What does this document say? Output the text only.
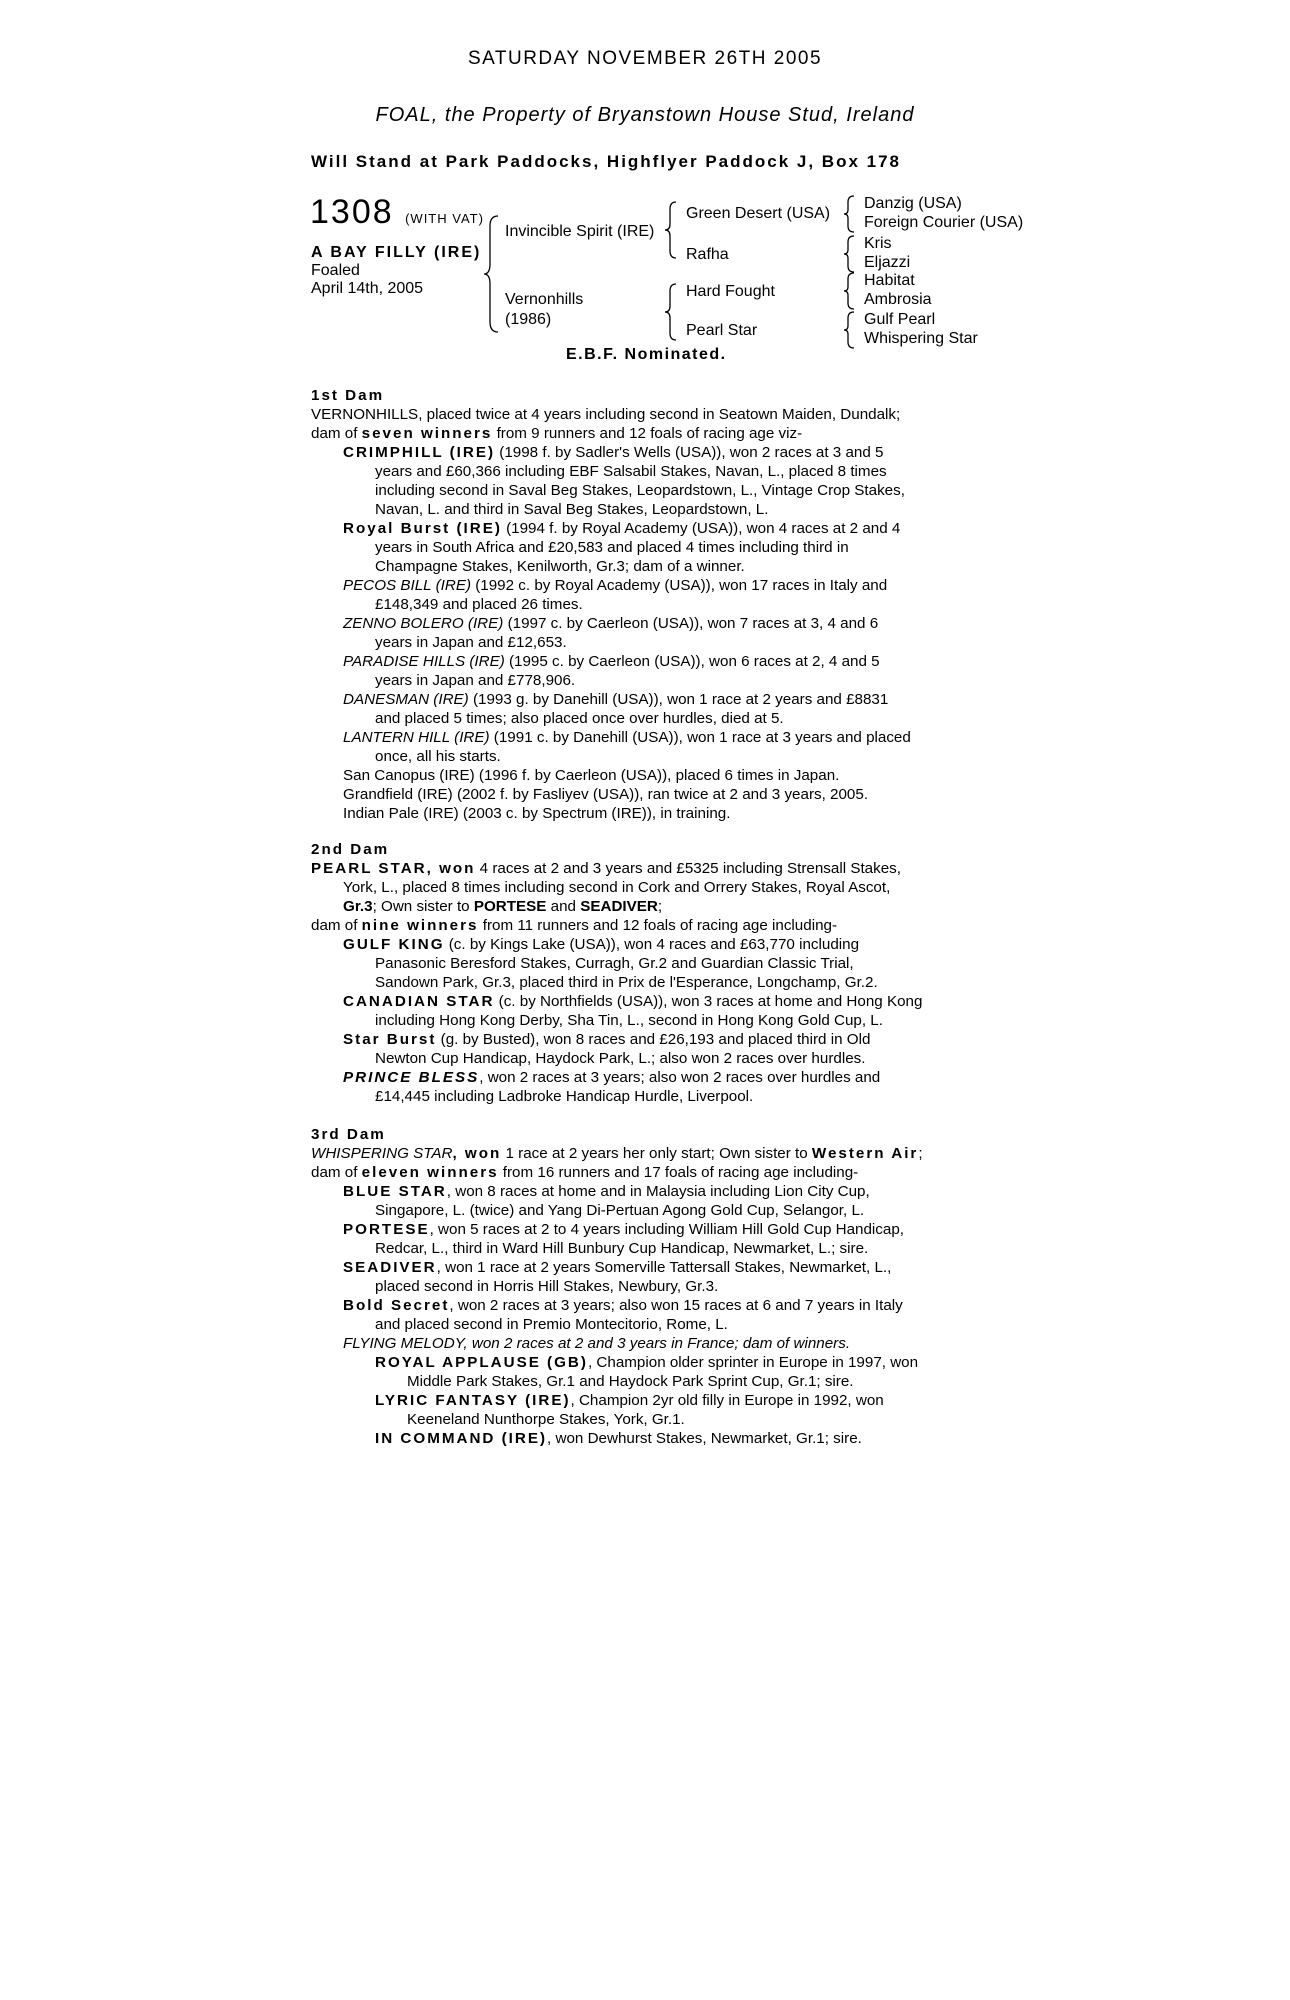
SATURDAY NOVEMBER 26TH 2005
FOAL, the Property of Bryanstown House Stud, Ireland
Will Stand at Park Paddocks, Highflyer Paddock J, Box 178
1308 (WITH VAT)
A BAY FILLY (IRE)
Foaled
April 14th, 2005
Invincible Spirit (IRE)
Vernonhills
(1986)
Green Desert (USA)
Rafha
Hard Fought
Pearl Star
Danzig (USA)
Foreign Courier (USA)
Kris
Eljazzi
Habitat
Ambrosia
Gulf Pearl
Whispering Star
E.B.F. Nominated.
1st Dam

VERNONHILLS, placed twice at 4 years including second in Seatown Maiden, Dundalk;

dam of seven winners from 9 runners and 12 foals of racing age viz-

CRIMPHILL (IRE) (1998 f. by Sadler's Wells (USA)), won 2 races at 3 and 5
years and £60,366 including EBF Salsabil Stakes, Navan, L., placed 8 times
including second in Saval Beg Stakes, Leopardstown, L., Vintage Crop Stakes,
Navan, L. and third in Saval Beg Stakes, Leopardstown, L.

Royal Burst (IRE) (1994 f. by Royal Academy (USA)), won 4 races at 2 and 4
years in South Africa and £20,583 and placed 4 times including third in
Champagne Stakes, Kenilworth, Gr.3; dam of a winner.

PECOS BILL (IRE) (1992 c. by Royal Academy (USA)), won 17 races in Italy and
£148,349 and placed 26 times.

ZENNO BOLERO (IRE) (1997 c. by Caerleon (USA)), won 7 races at 3, 4 and 6
years in Japan and £12,653.

PARADISE HILLS (IRE) (1995 c. by Caerleon (USA)), won 6 races at 2, 4 and 5
years in Japan and £778,906.

DANESMAN (IRE) (1993 g. by Danehill (USA)), won 1 race at 2 years and £8831
and placed 5 times; also placed once over hurdles, died at 5.

LANTERN HILL (IRE) (1991 c. by Danehill (USA)), won 1 race at 3 years and placed
once, all his starts.

San Canopus (IRE) (1996 f. by Caerleon (USA)), placed 6 times in Japan.

Grandfield (IRE) (2002 f. by Fasliyev (USA)), ran twice at 2 and 3 years, 2005.

Indian Pale (IRE) (2003 c. by Spectrum (IRE)), in training.

2nd Dam

PEARL STAR, won 4 races at 2 and 3 years and £5325 including Strensall Stakes,

York, L., placed 8 times including second in Cork and Orrery Stakes, Royal Ascot,

Gr.3; Own sister to PORTESE and SEADIVER;

dam of nine winners from 11 runners and 12 foals of racing age including-

GULF KING (c. by Kings Lake (USA)), won 4 races and £63,770 including
Panasonic Beresford Stakes, Curragh, Gr.2 and Guardian Classic Trial,
Sandown Park, Gr.3, placed third in Prix de l'Esperance, Longchamp, Gr.2.

CANADIAN STAR (c. by Northfields (USA)), won 3 races at home and Hong Kong
including Hong Kong Derby, Sha Tin, L., second in Hong Kong Gold Cup, L.

Star Burst (g. by Busted), won 8 races and £26,193 and placed third in Old
Newton Cup Handicap, Haydock Park, L.; also won 2 races over hurdles.

PRINCE BLESS, won 2 races at 3 years; also won 2 races over hurdles and
£14,445 including Ladbroke Handicap Hurdle, Liverpool.

3rd Dam

WHISPERING STAR, won 1 race at 2 years her only start; Own sister to Western Air;

dam of eleven winners from 16 runners and 17 foals of racing age including-

BLUE STAR, won 8 races at home and in Malaysia including Lion City Cup,
Singapore, L. (twice) and Yang Di-Pertuan Agong Gold Cup, Selangor, L.

PORTESE, won 5 races at 2 to 4 years including William Hill Gold Cup Handicap,
Redcar, L., third in Ward Hill Bunbury Cup Handicap, Newmarket, L.; sire.

SEADIVER, won 1 race at 2 years Somerville Tattersall Stakes, Newmarket, L.,
placed second in Horris Hill Stakes, Newbury, Gr.3.

Bold Secret, won 2 races at 3 years; also won 15 races at 6 and 7 years in Italy
and placed second in Premio Montecitorio, Rome, L.

FLYING MELODY, won 2 races at 2 and 3 years in France; dam of winners.

ROYAL APPLAUSE (GB), Champion older sprinter in Europe in 1997, won
Middle Park Stakes, Gr.1 and Haydock Park Sprint Cup, Gr.1; sire.

LYRIC FANTASY (IRE), Champion 2yr old filly in Europe in 1992, won
Keeneland Nunthorpe Stakes, York, Gr.1.

IN COMMAND (IRE), won Dewhurst Stakes, Newmarket, Gr.1; sire.
